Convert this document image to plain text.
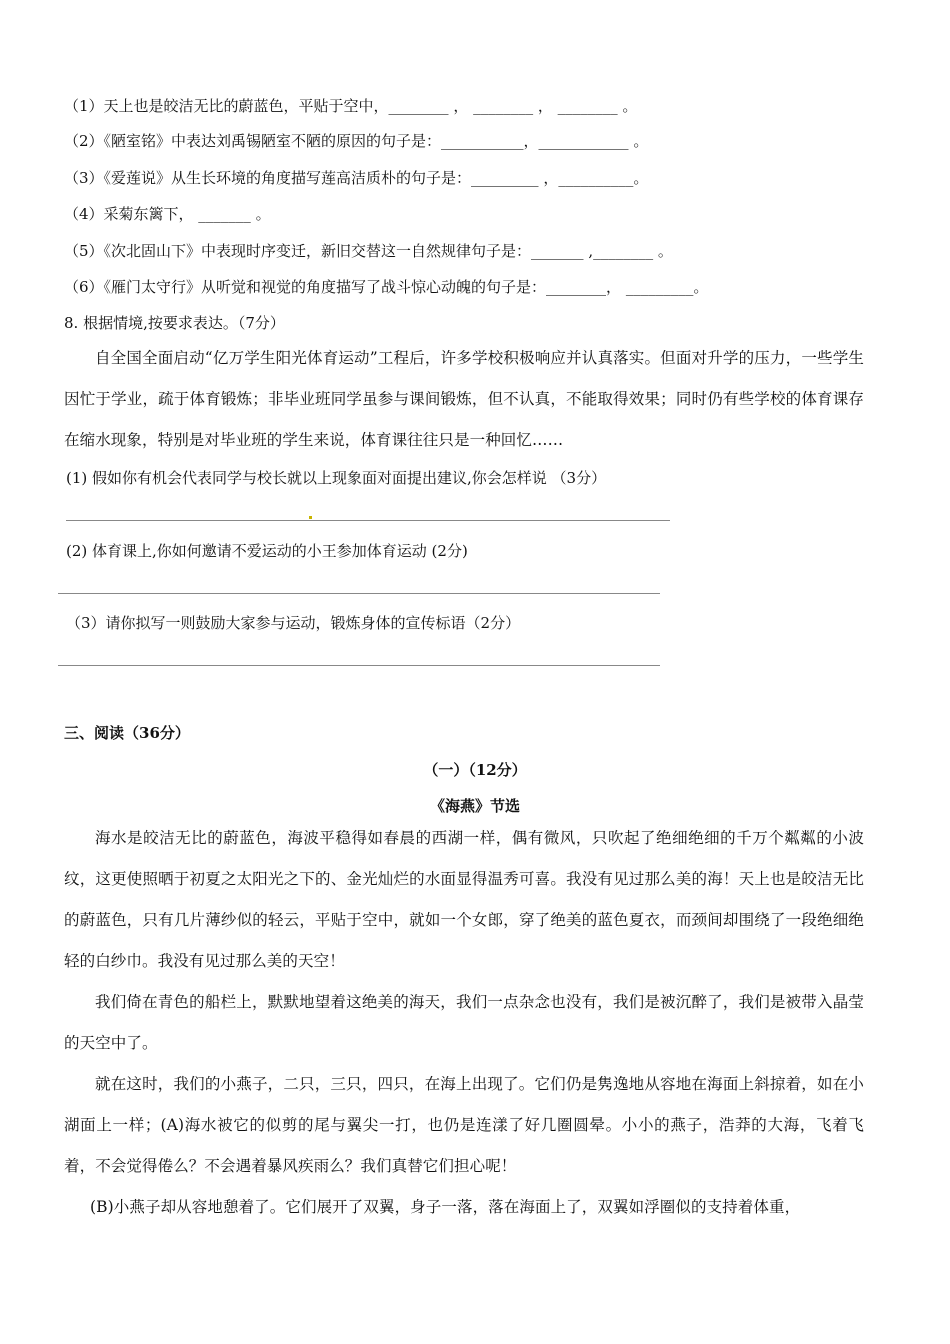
（1）天上也是皎洁无比的蔚蓝色，平贴于空中，________ ， ________ ， ________ 。
（2）《陋室铭》中表达刘禹锡陋室不陋的原因的句子是：___________，____________ 。
（3）《爱莲说》从生长环境的角度描写莲高洁质朴的句子是：_________ ，__________。
（4）采菊东篱下， _______ 。
（5）《次北固山下》中表现时序变迁，新旧交替这一自然规律句子是：_______ ,________ 。
（6）《雁门太守行》从听觉和视觉的角度描写了战斗惊心动魄的句子是：________， _________。
8. 根据情境,按要求表达。（7分）
自全国全面启动“亿万学生阳光体育运动”工程后，许多学校积极响应并认真落实。但面对升学的压力，一些学生因忙于学业，疏于体育锻炼；非毕业班同学虽参与课间锻炼，但不认真，不能取得效果；同时仍有些学校的体育课存在缩水现象，特别是对毕业班的学生来说，体育课往往只是一种回忆……
(1) 假如你有机会代表同学与校长就以上现象面对面提出建议,你会怎样说 （3分）
(2) 体育课上,你如何邀请不爱运动的小王参加体育运动 (2分)
（3）请你拟写一则鼓励大家参与运动，锻炼身体的宣传标语（2分）
三、阅读（36分）
（一）（12分）
《海燕》节选
海水是皎洁无比的蔚蓝色，海波平稳得如春晨的西湖一样，偶有微风，只吹起了绝细绝细的千万个粼粼的小波纹，这更使照晒于初夏之太阳光之下的、金光灿烂的水面显得温秀可喜。我没有见过那么美的海！天上也是皎洁无比的蔚蓝色，只有几片薄纱似的轻云，平贴于空中，就如一个女郎，穿了绝美的蓝色夏衣，而颈间却围绕了一段绝细绝轻的白纱巾。我没有见过那么美的天空！
我们倚在青色的船栏上，默默地望着这绝美的海天，我们一点杂念也没有，我们是被沉醉了，我们是被带入晶莹的天空中了。
就在这时，我们的小燕子，二只，三只，四只，在海上出现了。它们仍是隽逸地从容地在海面上斜掠着，如在小湖面上一样；(A)海水被它的似剪的尾与翼尖一打，也仍是连漾了好几圈圆晕。小小的燕子，浩莽的大海，飞着飞着，不会觉得倦么？不会遇着暴风疾雨么？我们真替它们担心呢！
(B)小燕子却从容地憩着了。它们展开了双翼，身子一落，落在海面上了，双翼如浮圈似的支持着体重，
